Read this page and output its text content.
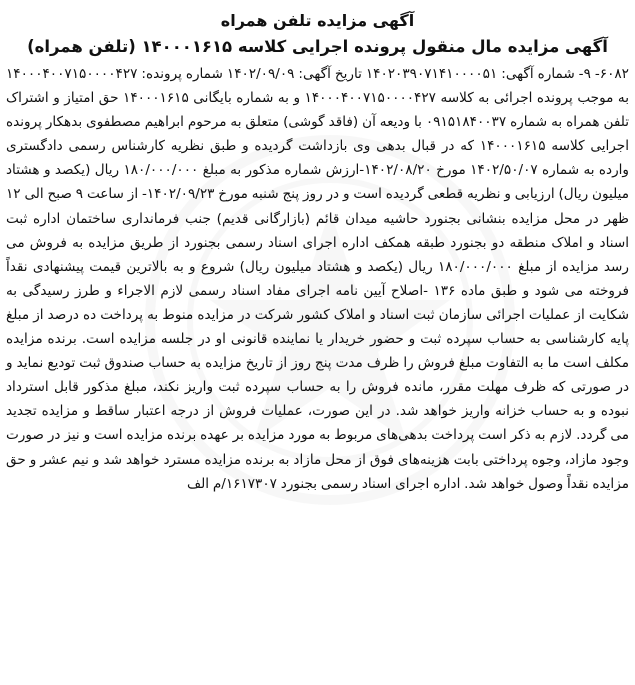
آگهی مزایده تلفن همراه
آگهی مزایده مال منقول پرونده اجرایی کلاسه ۱۴۰۰۰۱۶۱۵ (تلفن همراه)

۶۰۸۲- ۹- شماره آگهی: ۱۴۰۲۰۳۹۰۷۱۴۱۰۰۰۰۵۱ تاریخ آگهی: ۱۴۰۲/۰۹/۰۹ شماره پرونده: ۱۴۰۰۰۴۰۰۷۱۵۰۰۰۰۴۲۷ به موجب پرونده اجرائی به کلاسه ۱۴۰۰۰۴۰۰۷۱۵۰۰۰۰۴۲۷ و به شماره بایگانی ۱۴۰۰۰۱۶۱۵ حق امتیاز و اشتراک تلفن همراه به شماره ۰۹۱۵۱۸۴۰۰۳۷ با ودیعه آن (فاقد گوشی) متعلق به مرحوم ابراهیم مصطفوی بدهکار پرونده اجرایی کلاسه ۱۴۰۰۰۱۶۱۵ که در قبال بدهی وی بازداشت گردیده و طبق نظریه کارشناس رسمی دادگستری وارده به شماره ۱۴۰۲/۵۰/۰۷ مورخ ۱۴۰۲/۰۸/۲۰-ارزش شماره مذکور به مبلغ ۱۸۰/۰۰۰/۰۰۰ ریال (یکصد و هشتاد میلیون ریال) ارزیابی و نظریه قطعی گردیده است و در روز پنج شنبه مورخ ۱۴۰۲/۰۹/۲۳- از ساعت ۹ صبح الی ۱۲ ظهر در محل مزایده بنشانی بجنورد حاشیه میدان قائم (بازارگانی قدیم) جنب فرمانداری ساختمان اداره ثبت اسناد و املاک منطقه دو بجنورد طبقه همکف اداره اجرای اسناد رسمی بجنورد از طریق مزایده به فروش می رسد مزایده از مبلغ ۱۸۰/۰۰۰/۰۰۰ ریال (یکصد و هشتاد میلیون ریال) شروع و به بالاترین قیمت پیشنهادی نقداً فروخته می شود و طبق ماده ۱۳۶ -اصلاح آیین نامه اجرای مفاد اسناد رسمی لازم الاجراء و طرز رسیدگی به شکایت از عملیات اجرائی سازمان ثبت اسناد و املاک کشور شرکت در مزایده منوط به پرداخت ده درصد از مبلغ پایه کارشناسی به حساب سپرده ثبت و حضور خریدار یا نماینده قانونی او در جلسه مزایده است. برنده مزایده مکلف است ما به التفاوت مبلغ فروش را ظرف مدت پنج روز از تاریخ مزایده به حساب صندوق ثبت تودیع نماید و در صورتی که ظرف مهلت مقرر، مانده فروش را به حساب سپرده ثبت واریز نکند، مبلغ مذکور قابل استرداد نبوده و به حساب خزانه واریز خواهد شد. در این صورت، عملیات فروش از درجه اعتبار ساقط و مزایده تجدید می گردد. لازم به ذکر است پرداخت بدهی‌های مربوط به مورد مزایده بر عهده برنده مزایده است و نیز در صورت وجود مازاد، وجوه پرداختی بابت هزینه‌های فوق از محل مازاد به برنده مزایده مسترد خواهد شد و نیم عشر و حق مزایده نقداً وصول خواهد شد. اداره اجرای اسناد رسمی بجنورد ۱۶۱۷۳۰۷/م الف
